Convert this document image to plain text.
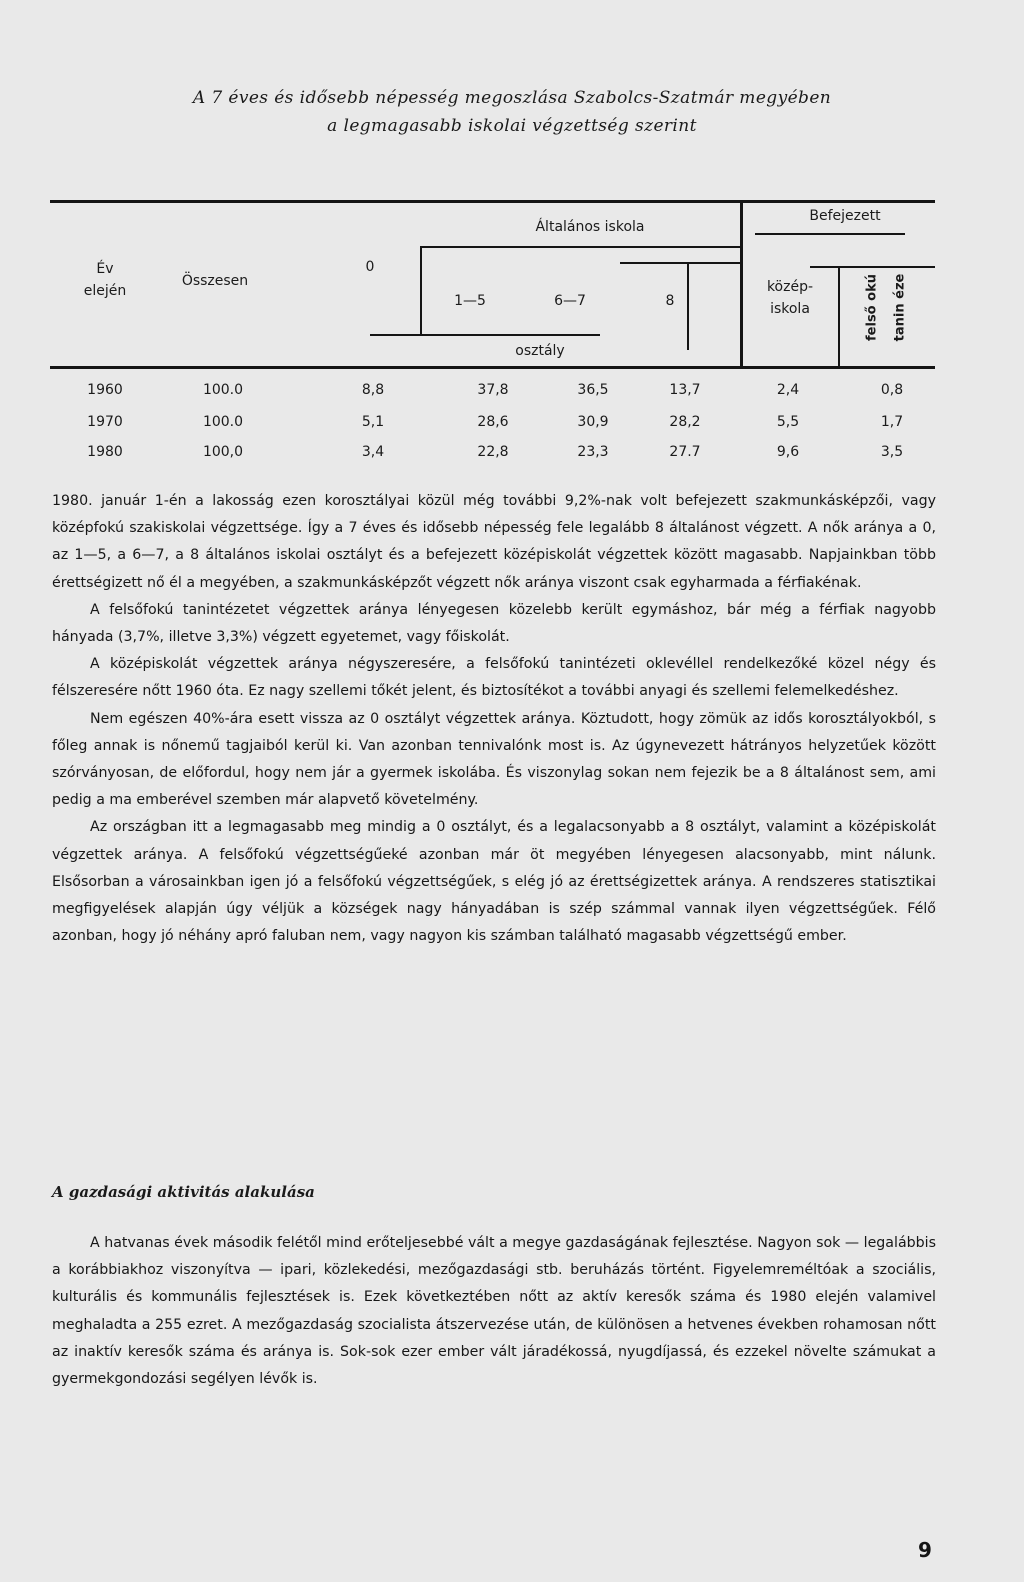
A 7 éves és idősebb népesség megoszlása Szabolcs-Szatmár megyében
a legmagasabb iskolai végzettség szerint
Év
elején
Összesen
0
Általános iskola
1—5	6—7	8
osztály
Befejezett
közép-
iskola	felső okú tanin éze
1960	100.0	8,8	37,8	36,5	13,7	2,4	0,8
1970	100.0	5,1	28,6	30,9	28,2	5,5	1,7
1980	100,0	3,4	22,8	23,3	27.7	9,6	3,5

1980. január 1-én a lakosság ezen korosztályai közül még további 9,2%-nak volt befejezett szakmunkásképzői, vagy középfokú szakiskolai végzettsége. Így a 7 éves és idősebb népesség fele legalább 8 általánost végzett. A nők aránya a 0, az 1—5, a 6—7, a 8 általános iskolai osztályt és a befejezett középiskolát végzettek között magasabb. Napjainkban több érettségizett nő él a megyében, a szakmunkásképzőt végzett nők aránya viszont csak egyharmada a férfiakénak.

A felsőfokú tanintézetet végzettek aránya lényegesen közelebb került egymáshoz, bár még a férfiak nagyobb hányada (3,7%, illetve 3,3%) végzett egyetemet, vagy főiskolát.

A középiskolát végzettek aránya négyszeresére, a felsőfokú tanintézeti oklevéllel rendelkezőké közel négy és félszeresére nőtt 1960 óta. Ez nagy szellemi tőkét jelent, és biztosítékot a további anyagi és szellemi felemelkedéshez.

Nem egészen 40%-ára esett vissza az 0 osztályt végzettek aránya. Köztudott, hogy zömük az idős korosztályokból, s főleg annak is nőnemű tagjaiból kerül ki. Van azonban tennivalónk most is. Az úgynevezett hátrányos helyzetűek között szórványosan, de előfordul, hogy nem jár a gyermek iskolába. És viszonylag sokan nem fejezik be a 8 általánost sem, ami pedig a ma emberével szemben már alapvető követelmény.

Az országban itt a legmagasabb meg mindig a 0 osztályt, és a legalacsonyabb a 8 osztályt, valamint a középiskolát végzettek aránya. A felsőfokú végzettségűeké azonban már öt megyében lényegesen alacsonyabb, mint nálunk. Elsősorban a városainkban igen jó a felsőfokú végzettségűek, s elég jó az érettségizettek aránya. A rendszeres statisztikai megfigyelések alapján úgy véljük a községek nagy hányadában is szép számmal vannak ilyen végzettségűek. Félő azonban, hogy jó néhány apró faluban nem, vagy nagyon kis számban található magasabb végzettségű ember.

A gazdasági aktivitás alakulása

A hatvanas évek második felétől mind erőteljesebbé vált a megye gazdaságának fejlesztése. Nagyon sok — legalábbis a korábbiakhoz viszonyítva — ipari, közlekedési, mezőgazdasági stb. beruházás történt. Figyelemreméltóak a szociális, kulturális és kommunális fejlesztések is. Ezek következtében nőtt az aktív keresők száma és 1980 elején valamivel meghaladta a 255 ezret. A mezőgazdaság szocialista átszervezése után, de különösen a hetvenes években rohamosan nőtt az inaktív keresők száma és aránya is. Sok-sok ezer ember vált járadékossá, nyugdíjassá, és ezzekel növelte számukat a gyermekgondozási segélyen lévők is.

9
